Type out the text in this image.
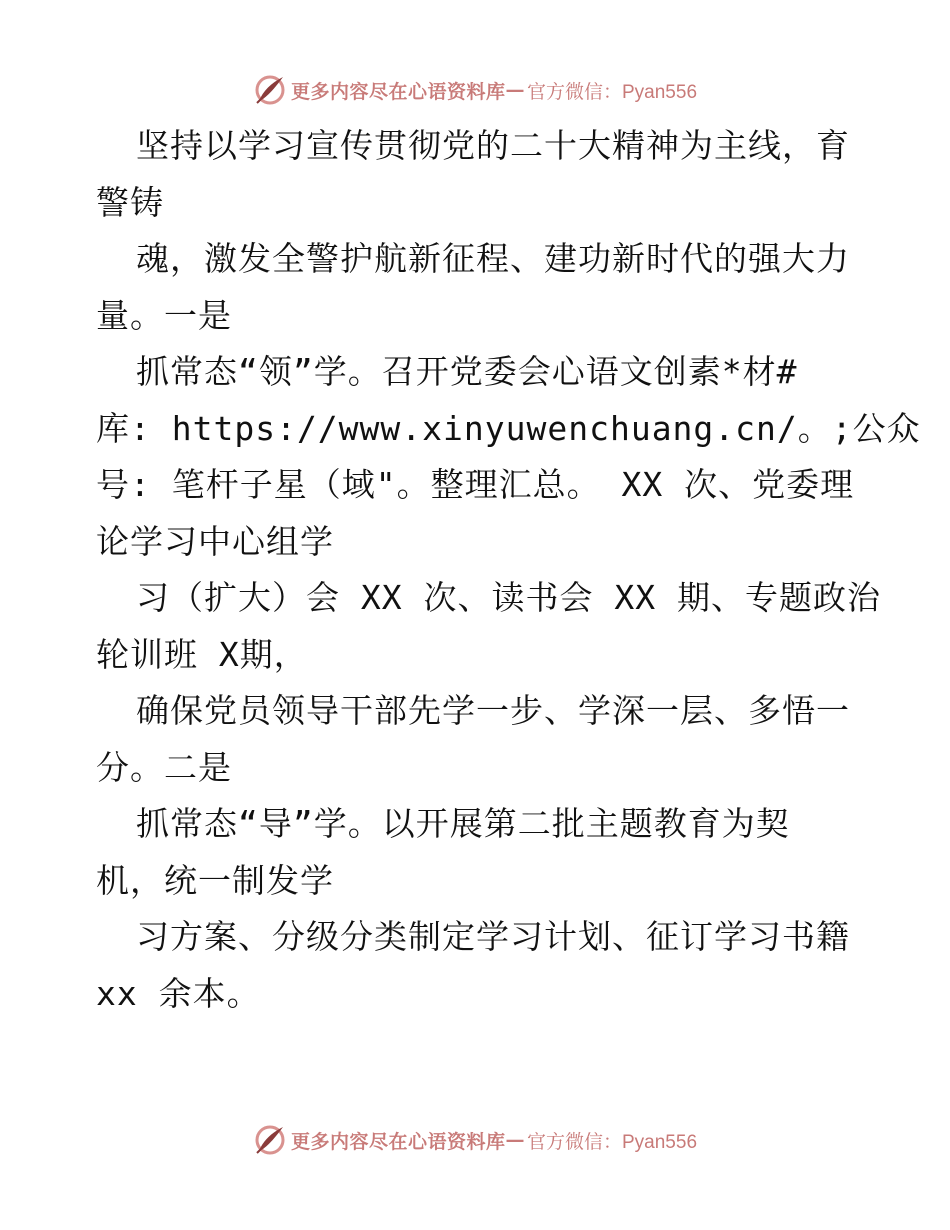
更多内容尽在心语资料库 — 官方微信：Pyan556
坚持以学习宣传贯彻党的二十大精神为主线，育
警铸
魂，激发全警护航新征程、建功新时代的强大力
量。一是
抓常态“领”学。召开党委会心语文创素*材#
库: https://www.xinyuwenchuang.cn/。;公众
号: 笔杆子星（域"。整理汇总。 XX 次、党委理
论学习中心组学
习（扩大）会 XX 次、读书会 XX 期、专题政治
轮训班 X期，
确保党员领导干部先学一步、学深一层、多悟一
分。二是
抓常态“导”学。以开展第二批主题教育为契
机，统一制发学
习方案、分级分类制定学习计划、征订学习书籍
xx 余本。
更多内容尽在心语资料库 — 官方微信：Pyan556
